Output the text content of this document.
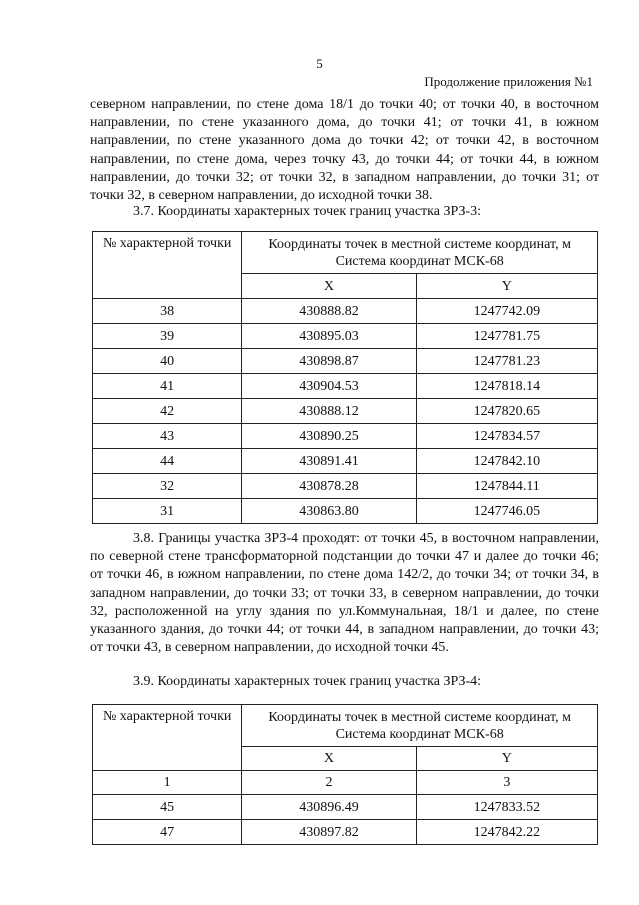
5
Продолжение приложения №1

северном направлении, по стене дома 18/1 до точки 40; от точки 40, в восточном направлении, по стене указанного дома, до точки 41; от точки 41, в южном направлении, по стене указанного дома до точки 42; от точки 42, в восточном направлении, по стене дома, через точку 43, до точки 44; от точки 44, в южном направлении, до точки 32; от точки 32, в западном направлении, до точки 31; от точки 32, в северном направлении, до исходной точки 38.

3.7. Координаты характерных точек границ участка ЗРЗ-3:

№ характерной точки	Координаты точек в местной системе координат, м
Система координат МСК-68	

	X	Y
38	430888.82	1247742.09
39	430895.03	1247781.75
40	430898.87	1247781.23
41	430904.53	1247818.14
42	430888.12	1247820.65
43	430890.25	1247834.57
44	430891.41	1247842.10
32	430878.28	1247844.11
31	430863.80	1247746.05

3.8. Границы участка ЗРЗ-4 проходят: от точки 45, в восточном направлении, по северной стене трансформаторной подстанции до точки 47 и далее до точки 46; от точки 46, в южном направлении, по стене дома 142/2, до точки 34; от точки 34, в западном направлении, до точки 33; от точки 33, в северном направлении, до точки 32, расположенной на углу здания по ул.Коммунальная, 18/1 и далее, по стене указанного здания, до точки 44; от точки 44, в западном направлении, до точки 43; от точки 43, в северном направлении, до исходной точки 45.

3.9. Координаты характерных точек границ участка ЗРЗ-4:

№ характерной точки	Координаты точек в местной системе координат, м
Система координат МСК-68	

	X	Y
1	2	3
45	430896.49	1247833.52
47	430897.82	1247842.22
